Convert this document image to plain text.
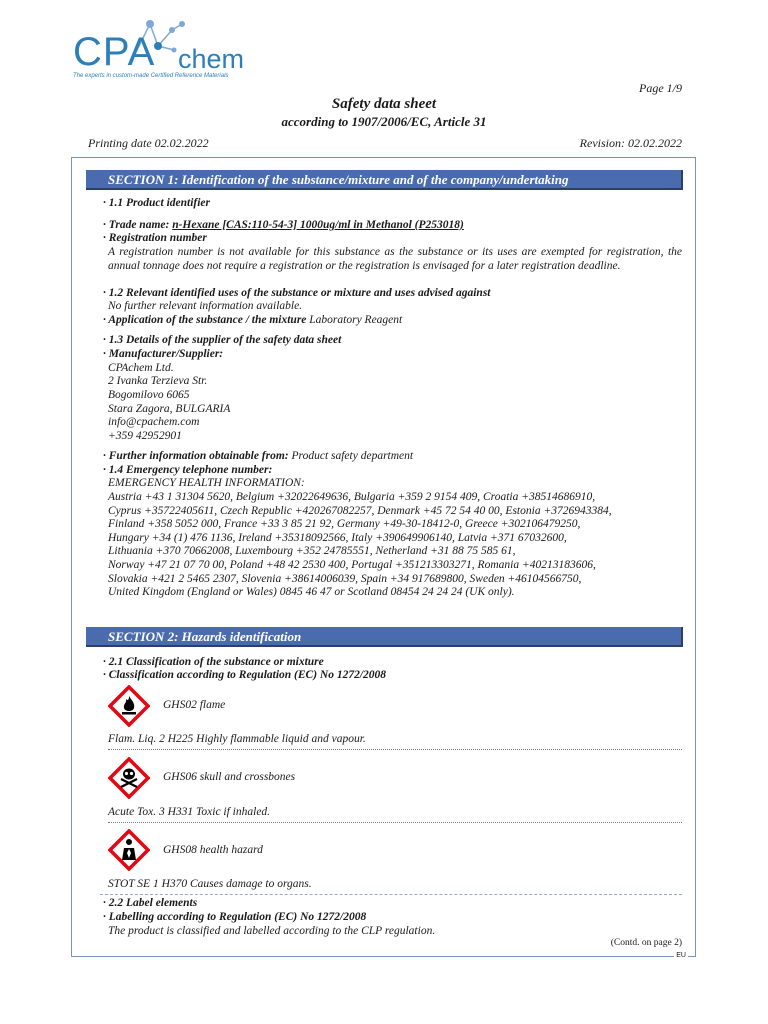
CPA chem
The experts in custom-made Certified Reference Materials
Page 1/9
Safety data sheet
according to 1907/2006/EC, Article 31
Printing date 02.02.2022	Revision: 02.02.2022
SECTION 1: Identification of the substance/mixture and of the company/undertaking
· 1.1 Product identifier
· Trade name: n-Hexane [CAS:110-54-3] 1000ug/ml in Methanol (P253018)
· Registration number
A registration number is not available for this substance as the substance or its uses are exempted for registration, the annual tonnage does not require a registration or the registration is envisaged for a later registration deadline.
· 1.2 Relevant identified uses of the substance or mixture and uses advised against
No further relevant information available.
· Application of the substance / the mixture Laboratory Reagent
· 1.3 Details of the supplier of the safety data sheet
· Manufacturer/Supplier:
CPAchem Ltd.
2 Ivanka Terzieva Str.
Bogomilovo 6065
Stara Zagora, BULGARIA
info@cpachem.com
+359 42952901
· Further information obtainable from: Product safety department
· 1.4 Emergency telephone number:
EMERGENCY HEALTH INFORMATION:
Austria +43 1 31304 5620, Belgium +32022649636, Bulgaria +359 2 9154 409, Croatia +38514686910,
Cyprus +35722405611, Czech Republic +420267082257, Denmark +45 72 54 40 00, Estonia +3726943384,
Finland +358 5052 000, France +33 3 85 21 92, Germany +49-30-18412-0, Greece +302106479250,
Hungary +34 (1) 476 1136, Ireland +35318092566, Italy +390649906140, Latvia +371 67032600,
Lithuania +370 70662008, Luxembourg +352 24785551, Netherland +31 88 75 585 61,
Norway +47 21 07 70 00, Poland +48 42 2530 400, Portugal +351213303271, Romania +40213183606,
Slovakia +421 2 5465 2307, Slovenia +38614006039, Spain +34 917689800, Sweden +46104566750,
United Kingdom (England or Wales) 0845 46 47 or Scotland 08454 24 24 24 (UK only).
SECTION 2: Hazards identification
· 2.1 Classification of the substance or mixture
· Classification according to Regulation (EC) No 1272/2008
GHS02 flame
Flam. Liq. 2 H225 Highly flammable liquid and vapour.
GHS06 skull and crossbones
Acute Tox. 3 H331 Toxic if inhaled.
GHS08 health hazard
STOT SE 1 H370 Causes damage to organs.
· 2.2 Label elements
· Labelling according to Regulation (EC) No 1272/2008
The product is classified and labelled according to the CLP regulation.
(Contd. on page 2)
EU
